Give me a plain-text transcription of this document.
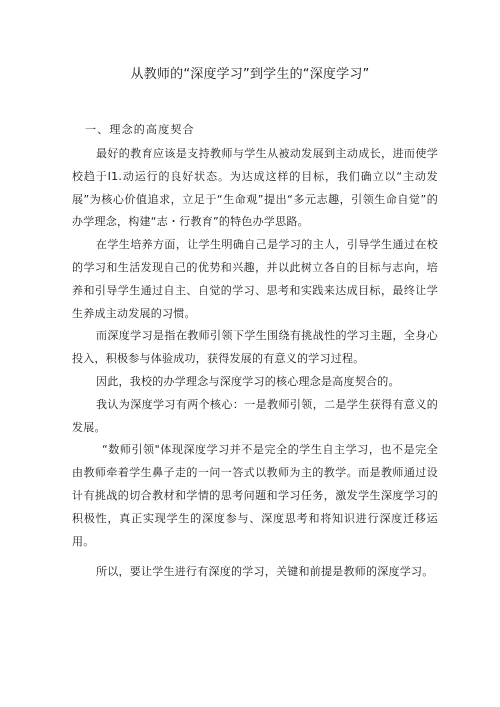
从教师的“深度学习”到学生的“深度学习”
一、理念的高度契合

最好的教育应该是支持教师与学生从被动发展到主动成长，进而使学校趋于I1.动运行的良好状态。为达成这样的目标，我们确立以“主动发展”为核心价值追求，立足于“生命观”提出“多元志趣，引领生命自觉”的办学理念，构建“志・行教育”的特色办学思路。

在学生培养方面，让学生明确自己是学习的主人，引导学生通过在校的学习和生活发现自己的优势和兴趣，并以此树立各自的目标与志向，培养和引导学生通过自主、自觉的学习、思考和实践来达成目标，最终让学生养成主动发展的习惯。

而深度学习是指在教师引领下学生围绕有挑战性的学习主题，全身心投入，积极参与体验成功，获得发展的有意义的学习过程。

因此，我校的办学理念与深度学习的核心理念是高度契合的。

我认为深度学习有两个核心：一是教师引领，二是学生获得有意义的发展。

“数师引领"体现深度学习并不是完全的学生自主学习，也不是完全由教师牵着学生鼻子走的一问一答式以教师为主的教学。而是教师通过设计有挑战的切合教材和学情的思考问题和学习任务，激发学生深度学习的积极性，真正实现学生的深度参与、深度思考和将知识进行深度迁移运用。

所以，要让学生进行有深度的学习，关键和前提是教师的深度学习。
